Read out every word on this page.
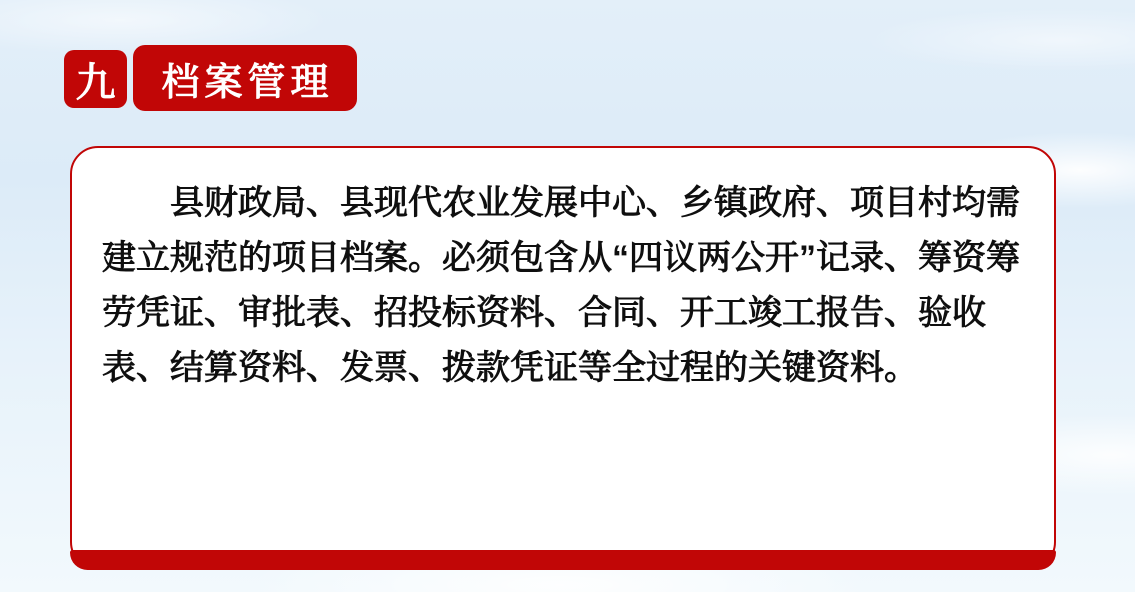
九 档案管理

县财政局、县现代农业发展中心、乡镇政府、项目村均需建立规范的项目档案。必须包含从“四议两公开”记录、筹资筹劳凭证、审批表、招投标资料、合同、开工竣工报告、验收表、结算资料、发票、拨款凭证等全过程的关键资料。
